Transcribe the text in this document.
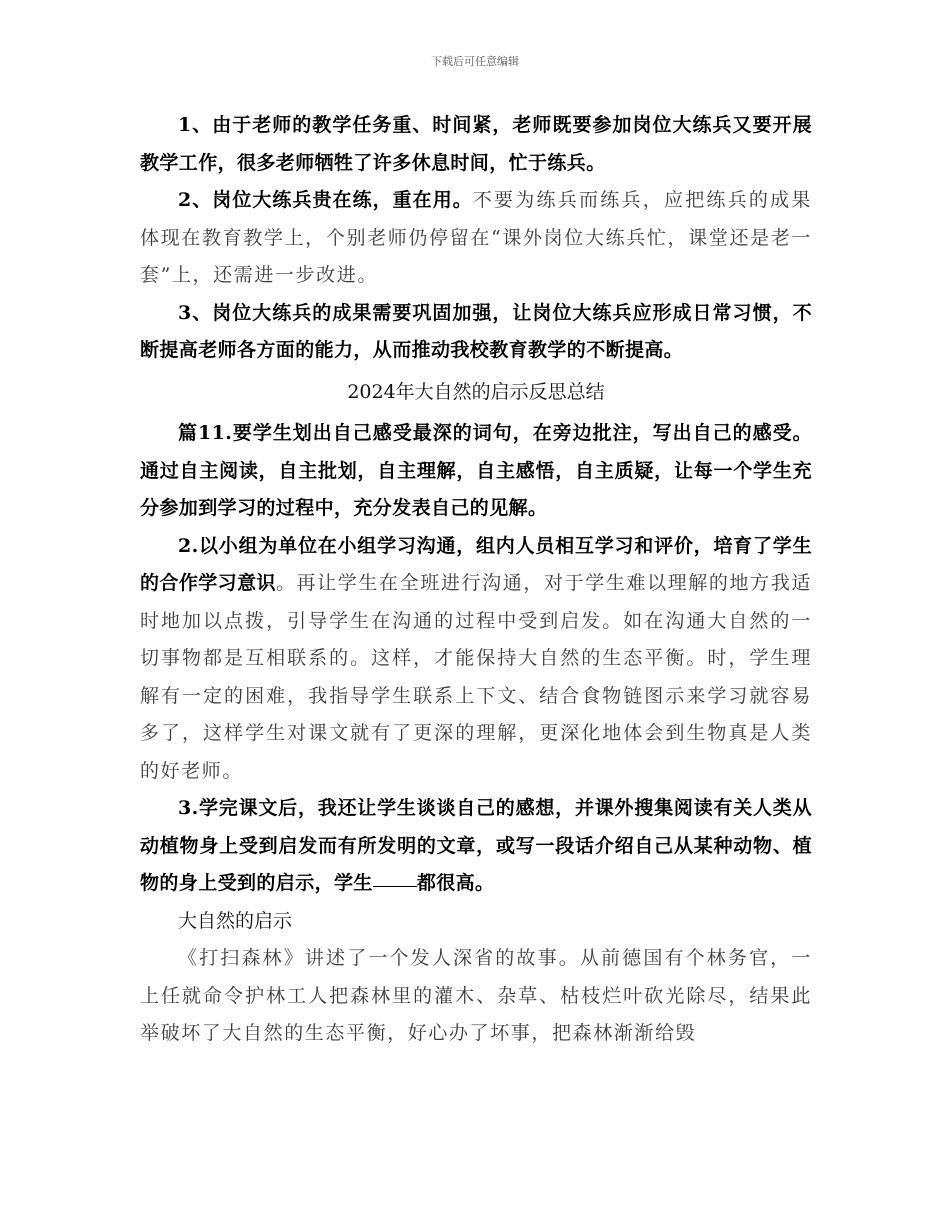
下载后可任意编辑

1、由于老师的教学任务重、时间紧，老师既要参加岗位大练兵又要开展教学工作，很多老师牺牲了许多休息时间，忙于练兵。

2、岗位大练兵贵在练，重在用。不要为练兵而练兵，应把练兵的成果体现在教育教学上，个别老师仍停留在“课外岗位大练兵忙，课堂还是老一套”上，还需进一步改进。

3、岗位大练兵的成果需要巩固加强，让岗位大练兵应形成日常习惯，不断提高老师各方面的能力，从而推动我校教育教学的不断提高。

2024年大自然的启示反思总结

篇11.要学生划出自己感受最深的词句，在旁边批注，写出自己的感受。通过自主阅读，自主批划，自主理解，自主感悟，自主质疑，让每一个学生充分参加到学习的过程中，充分发表自己的见解。

2.以小组为单位在小组学习沟通，组内人员相互学习和评价，培育了学生的合作学习意识。再让学生在全班进行沟通，对于学生难以理解的地方我适时地加以点拨，引导学生在沟通的过程中受到启发。如在沟通大自然的一切事物都是互相联系的。这样，才能保持大自然的生态平衡。时，学生理解有一定的困难，我指导学生联系上下文、结合食物链图示来学习就容易多了，这样学生对课文就有了更深的理解，更深化地体会到生物真是人类的好老师。

3.学完课文后，我还让学生谈谈自己的感想，并课外搜集阅读有关人类从动植物身上受到启发而有所发明的文章，或写一段话介绍自己从某种动物、植物的身上受到的启示，学生 都很高。

大自然的启示

《打扫森林》讲述了一个发人深省的故事。从前德国有个林务官，一上任就命令护林工人把森林里的灌木、杂草、枯枝烂叶砍光除尽，结果此举破坏了大自然的生态平衡，好心办了坏事，把森林渐渐给毁
